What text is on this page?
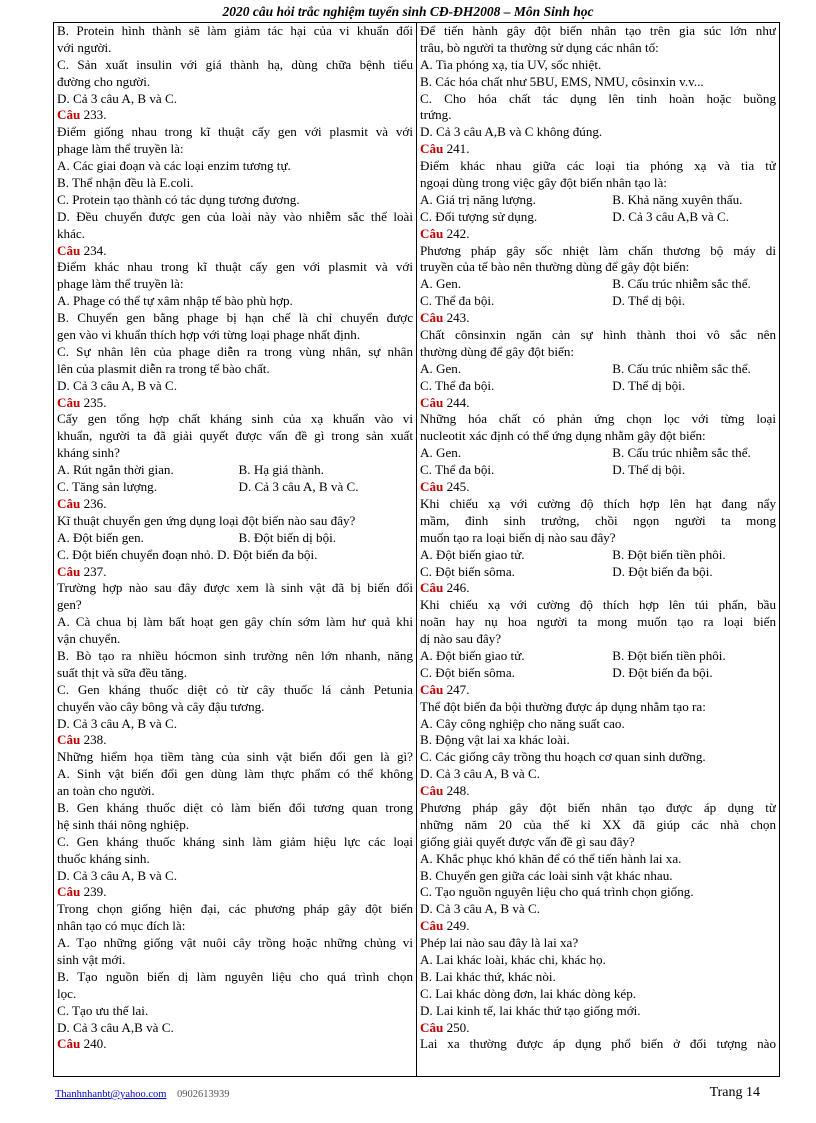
2020 câu hỏi trắc nghiệm tuyển sinh CĐ-ĐH2008 – Môn Sinh học
B. Protein hình thành sẽ làm giảm tác hại của vi khuẩn đối
với người.
C. Sản xuất insulin với giá thành hạ, dùng chữa bệnh tiểu
đường cho người.
D. Cả 3 câu A, B và C.
Câu 233.
Điểm giống nhau trong kĩ thuật cấy gen với plasmit và với
phage làm thể truyền là:
A. Các giai đoạn và các loại enzim tương tự.
B. Thể nhận đều là E.coli.
C. Protein tạo thành có tác dụng tương đương.
D. Đều chuyển được gen của loài này vào nhiễm sắc thể loài
khác.
Câu 234.
Điểm khác nhau trong kĩ thuật cấy gen với plasmit và với
phage làm thể truyền là:
A. Phage có thể tự xâm nhập tế bào phù hợp.
B. Chuyển gen bằng phage bị hạn chế là chỉ chuyển được
gen vào vi khuẩn thích hợp với từng loại phage nhất định.
C. Sự nhân lên của phage diễn ra trong vùng nhân, sự nhân
lên của plasmit diễn ra trong tế bào chất.
D. Cả 3 câu A, B và C.
Câu 235.
Cấy gen tổng hợp chất kháng sinh của xạ khuẩn vào vi
khuẩn, người ta đã giải quyết được vấn đề gì trong sản xuất
kháng sinh?
A. Rút ngắn thời gian.	B. Hạ giá thành.
C. Tăng sản lượng.	D. Cả 3 câu A, B và C.
Câu 236.
Kĩ thuật chuyển gen ứng dụng loại đột biến nào sau đây?
A. Đột biến gen.	B. Đột biến dị bội.
C. Đột biến chuyển đoạn nhỏ. D. Đột biến đa bội.
Câu 237.
Trường hợp nào sau đây được xem là sinh vật đã bị biến đổi
gen?
A. Cà chua bị làm bất hoạt gen gây chín sớm làm hư quả khi
vận chuyển.
B. Bò tạo ra nhiều hócmon sinh trưởng nên lớn nhanh, năng
suất thịt và sữa đều tăng.
C. Gen kháng thuốc diệt cỏ từ cây thuốc lá cảnh Petunia
chuyển vào cây bông và cây đậu tương.
D. Cả 3 câu A, B và C.
Câu 238.
Những hiểm họa tiềm tàng của sinh vật biến đổi gen là gì?
A. Sinh vật biến đổi gen dùng làm thực phẩm có thể không
an toàn cho người.
B. Gen kháng thuốc diệt cỏ làm biến đổi tương quan trong
hệ sinh thái nông nghiệp.
C. Gen kháng thuốc kháng sinh làm giảm hiệu lực các loại
thuốc kháng sinh.
D. Cả 3 câu A, B và C.
Câu 239.
Trong chọn giống hiện đại, các phương pháp gây đột biến
nhân tạo có mục đích là:
A. Tạo những giống vật nuôi cây trồng hoặc những chủng vi
sinh vật mới.
B. Tạo nguồn biến dị làm nguyên liệu cho quá trình chọn
lọc.
C. Tạo ưu thế lai.
D. Cả 3 câu A,B và C.
Câu 240.

Để tiến hành gây đột biến nhân tạo trên gia súc lớn như
trâu, bò người ta thường sử dụng các nhân tố:
A. Tia phóng xạ, tia UV, sốc nhiệt.
B. Các hóa chất như 5BU, EMS, NMU, côsinxin v.v...
C. Cho hóa chất tác dụng lên tinh hoàn hoặc buồng
trứng.
D. Cả 3 câu A,B và C không đúng.
Câu 241.
Điểm khác nhau giữa các loại tia phóng xạ và tia tử
ngoại dùng trong việc gây đột biến nhân tạo là:
A. Giá trị năng lượng.	B. Khả năng xuyên thấu.
C. Đối tượng sử dụng.	D. Cả 3 câu A,B và C.
Câu 242.
Phương pháp gây sốc nhiệt làm chấn thương bộ máy di
truyền của tế bào nên thường dùng để gây đột biến:
A. Gen.	B. Cấu trúc nhiễm sắc thể.
C. Thể đa bội.	D. Thể dị bội.
Câu 243.
Chất cônsinxin ngăn cản sự hình thành thoi vô sắc nên
thường dùng để gây đột biến:
A. Gen.	B. Cấu trúc nhiễm sắc thể.
C. Thể đa bội.	D. Thể dị bội.
Câu 244.
Những hóa chất có phản ứng chọn lọc với từng loại
nucleotit xác định có thể ứng dụng nhằm gây đột biến:
A. Gen.	B. Cấu trúc nhiễm sắc thể.
C. Thể đa bội.	D. Thể dị bội.
Câu 245.
Khi chiếu xạ với cường độ thích hợp lên hạt đang nẩy
mầm, đỉnh sinh trưởng, chồi ngọn người ta mong
muốn tạo ra loại biến dị nào sau đây?
A. Đột biến giao tử.	B. Đột biến tiền phôi.
C. Đột biến sôma.	D. Đột biến đa bội.
Câu 246.
Khi chiếu xạ với cường độ thích hợp lên túi phấn, bầu
noãn hay nụ hoa người ta mong muốn tạo ra loại biến
dị nào sau đây?
A. Đột biến giao tử.	B. Đột biến tiền phôi.
C. Đột biến sôma.	D. Đột biến đa bội.
Câu 247.
Thể đột biến đa bội thường được áp dụng nhằm tạo ra:
A. Cây công nghiệp cho năng suất cao.
B. Động vật lai xa khác loài.
C. Các giống cây trồng thu hoạch cơ quan sinh dưỡng.
D. Cả 3 câu A, B và C.
Câu 248.
Phương pháp gây đột biến nhân tạo được áp dụng từ
những năm 20 của thế kỉ XX đã giúp các nhà chọn
giống giải quyết được vấn đề gì sau đây?
A. Khắc phục khó khăn để có thể tiến hành lai xa.
B. Chuyển gen giữa các loài sinh vật khác nhau.
C. Tạo nguồn nguyên liệu cho quá trình chọn giống.
D. Cả 3 câu A, B và C.
Câu 249.
Phép lai nào sau đây là lai xa?
A. Lai khác loài, khác chi, khác họ.
B. Lai khác thứ, khác nòi.
C. Lai khác dòng đơn, lai khác dòng kép.
D. Lai kinh tế, lai khác thứ tạo giống mới.
Câu 250.
Lai xa thường được áp dụng phổ biến ở đối tượng nào
Thanhnhanbt@yahoo.com 0902613939	Trang 14
